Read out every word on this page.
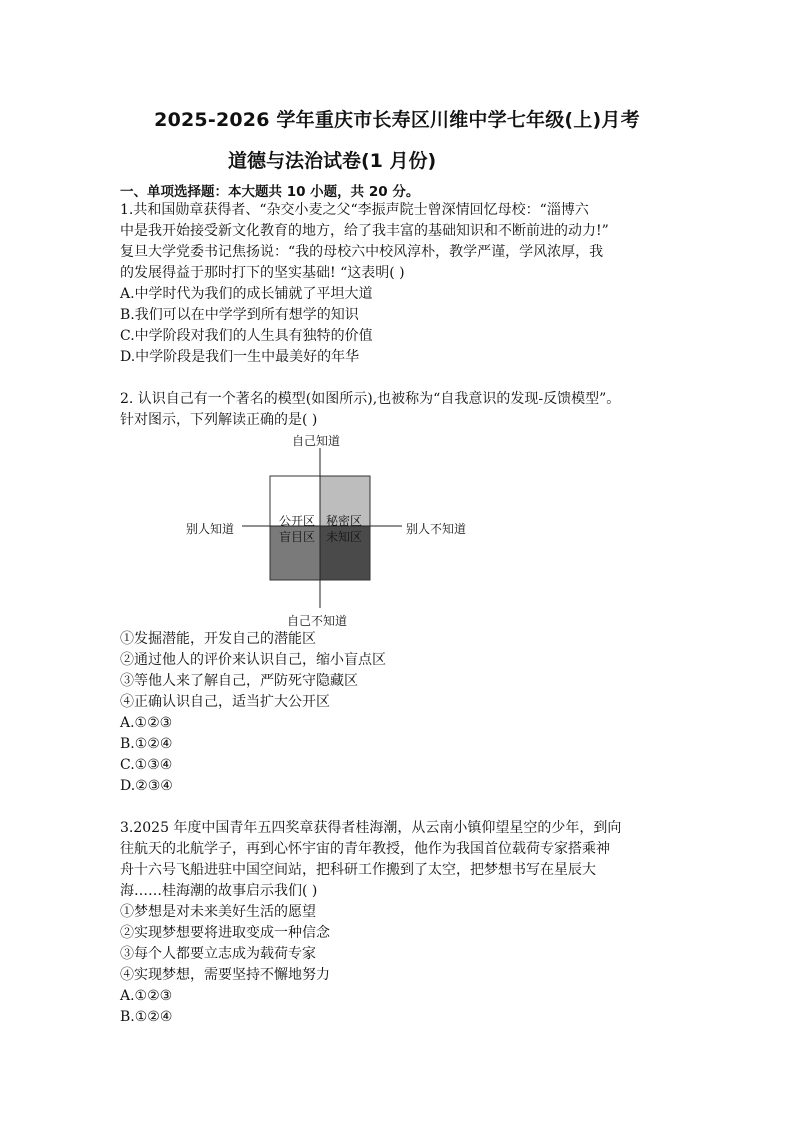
2025-2026 学年重庆市长寿区川维中学七年级(上)月考
道德与法治试卷(1 月份)
一、单项选择题：本大题共 10 小题，共 20 分。
1.共和国勋章获得者、“杂交小麦之父“李振声院士曾深情回忆母校：“淄博六
中是我开始接受新文化教育的地方，给了我丰富的基础知识和不断前进的动力!”
复旦大学党委书记焦扬说：“我的母校六中校风淳朴，教学严谨，学风浓厚，我
的发展得益于那时打下的坚实基础! “这表明( )
A.中学时代为我们的成长铺就了平坦大道
B.我们可以在中学学到所有想学的知识
C.中学阶段对我们的人生具有独特的价值
D.中学阶段是我们一生中最美好的年华
2. 认识自己有一个著名的模型(如图所示),也被称为“自我意识的发现-反馈模型”。
针对图示，下列解读正确的是( )
自己知道
自己不知道
别人知道	别人不知道
公开区 秘密区
盲目区 未知区
①发掘潜能，开发自己的潜能区
②通过他人的评价来认识自己，缩小盲点区
③等他人来了解自己，严防死守隐藏区
④正确认识自己，适当扩大公开区
A.①②③
B.①②④
C.①③④
D.②③④
3.2025 年度中国青年五四奖章获得者桂海潮，从云南小镇仰望星空的少年，到向
往航天的北航学子，再到心怀宇宙的青年教授，他作为我国首位载荷专家搭乘神
舟十六号飞船进驻中国空间站，把科研工作搬到了太空，把梦想书写在星辰大
海……桂海潮的故事启示我们( )
①梦想是对未来美好生活的愿望
②实现梦想要将进取变成一种信念
③每个人都要立志成为载荷专家
④实现梦想，需要坚持不懈地努力
A.①②③
B.①②④
